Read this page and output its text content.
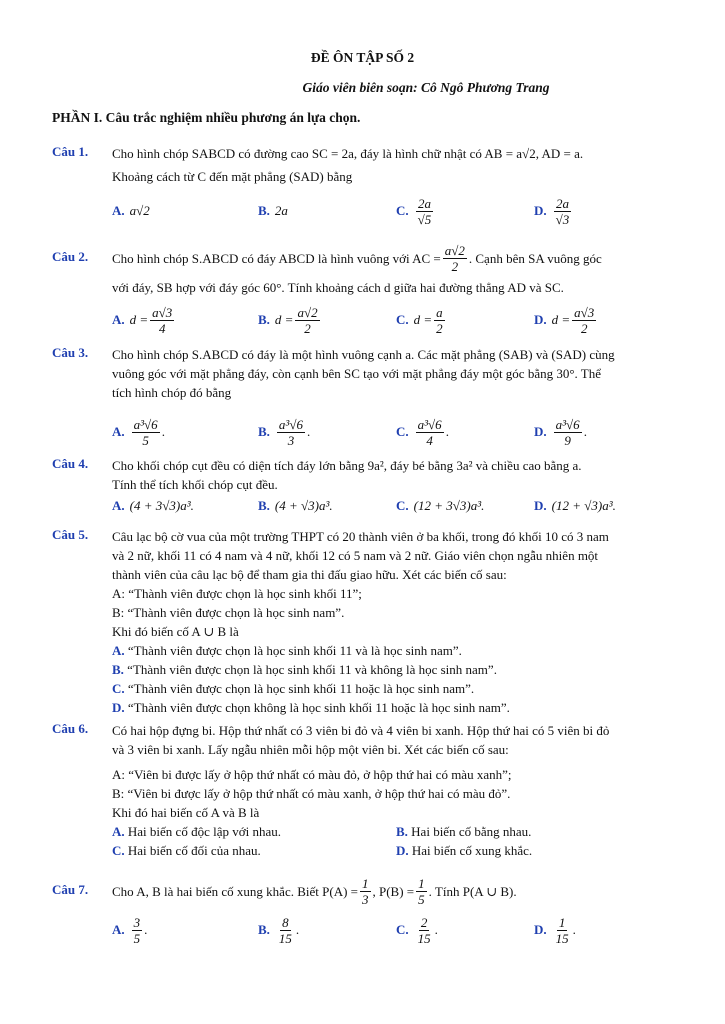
ĐỀ ÔN TẬP SỐ 2
Giáo viên biên soạn: Cô Ngô Phương Trang
PHẦN I. Câu trắc nghiệm nhiều phương án lựa chọn.
Câu 1. Cho hình chóp SABCD có đường cao SC = 2a, đáy là hình chữ nhật có AB = a√2, AD = a.
Khoảng cách từ C đến mặt phẳng (SAD) bằng
A. a√2	B. 2a	C. $\frac{2a}{√5}$	D. $\frac{2a}{√3}$
Câu 2. Cho hình chóp S.ABCD có đáy ABCD là hình vuông với AC = $\frac{a√2}{2}$ . Cạnh bên SA vuông góc
với đáy, SB hợp với đáy góc 60°. Tính khoảng cách d giữa hai đường thẳng AD và SC.
A. $d = \frac{a√3}{4}$	B. $d = \frac{a√2}{2}$	C. $d = \frac{a}{2}$	D. $d = \frac{a√3}{2}$
Câu 3. Cho hình chóp S.ABCD có đáy là một hình vuông cạnh a. Các mặt phẳng (SAB) và (SAD) cùng
vuông góc với mặt phẳng đáy, còn cạnh bên SC tạo với mặt phẳng đáy một góc bằng 30°. Thể
tích hình chóp đó bằng
A. $\frac{\text{a³√6}}{5}$ .	B. $\frac{\text{a³√6}}{3}$ .	C. $\frac{\text{a³√6}}{4}$ .	D. $\frac{\text{a³√6}}{9}$ .
Câu 4. Cho khối chóp cụt đều có diện tích đáy lớn bằng 9a², đáy bé bằng 3a² và chiều cao bằng a.
Tính thể tích khối chóp cụt đều.
A. (4 + 3√3)a³.	B. (4 + √3)a³.	C. (12 + 3√3)a³.	D. (12 + √3)a³.
Câu 5. Câu lạc bộ cờ vua của một trường THPT có 20 thành viên ở ba khối, trong đó khối 10 có 3 nam
và 2 nữ, khối 11 có 4 nam và 4 nữ, khối 12 có 5 nam và 2 nữ. Giáo viên chọn ngẫu nhiên một
thành viên của câu lạc bộ để tham gia thi đấu giao hữu. Xét các biến cố sau:
A: “Thành viên được chọn là học sinh khối 11”;
B: “Thành viên được chọn là học sinh nam”.
Khi đó biến cố A ∪ B là
A. “Thành viên được chọn là học sinh khối 11 và là học sinh nam”.
B. “Thành viên được chọn là học sinh khối 11 và không là học sinh nam”.
C. “Thành viên được chọn là học sinh khối 11 hoặc là học sinh nam”.
D. “Thành viên được chọn không là học sinh khối 11 hoặc là học sinh nam”.
Câu 6. Có hai hộp đựng bi. Hộp thứ nhất có 3 viên bi đỏ và 4 viên bi xanh. Hộp thứ hai có 5 viên bi đỏ
và 3 viên bi xanh. Lấy ngẫu nhiên mỗi hộp một viên bi. Xét các biến cố sau:
A: “Viên bi được lấy ở hộp thứ nhất có màu đỏ, ở hộp thứ hai có màu xanh”;
B: “Viên bi được lấy ở hộp thứ nhất có màu xanh, ở hộp thứ hai có màu đỏ”.
Khi đó hai biến cố A và B là
A. Hai biến cố độc lập với nhau.	B. Hai biến cố bằng nhau.
C. Hai biến cố đối của nhau.	D. Hai biến cố xung khắc.
Câu 7. Cho A, B là hai biến cố xung khắc. Biết $P(A) = \frac{1}{3}$ , $P(B) = \frac{1}{5}$ . Tính P(A ∪ B).
A. $\frac{3}{5}$ .	B. $\frac{8}{15}$ .	C. $\frac{2}{15}$ .	D. $\frac{1}{15}$ .
